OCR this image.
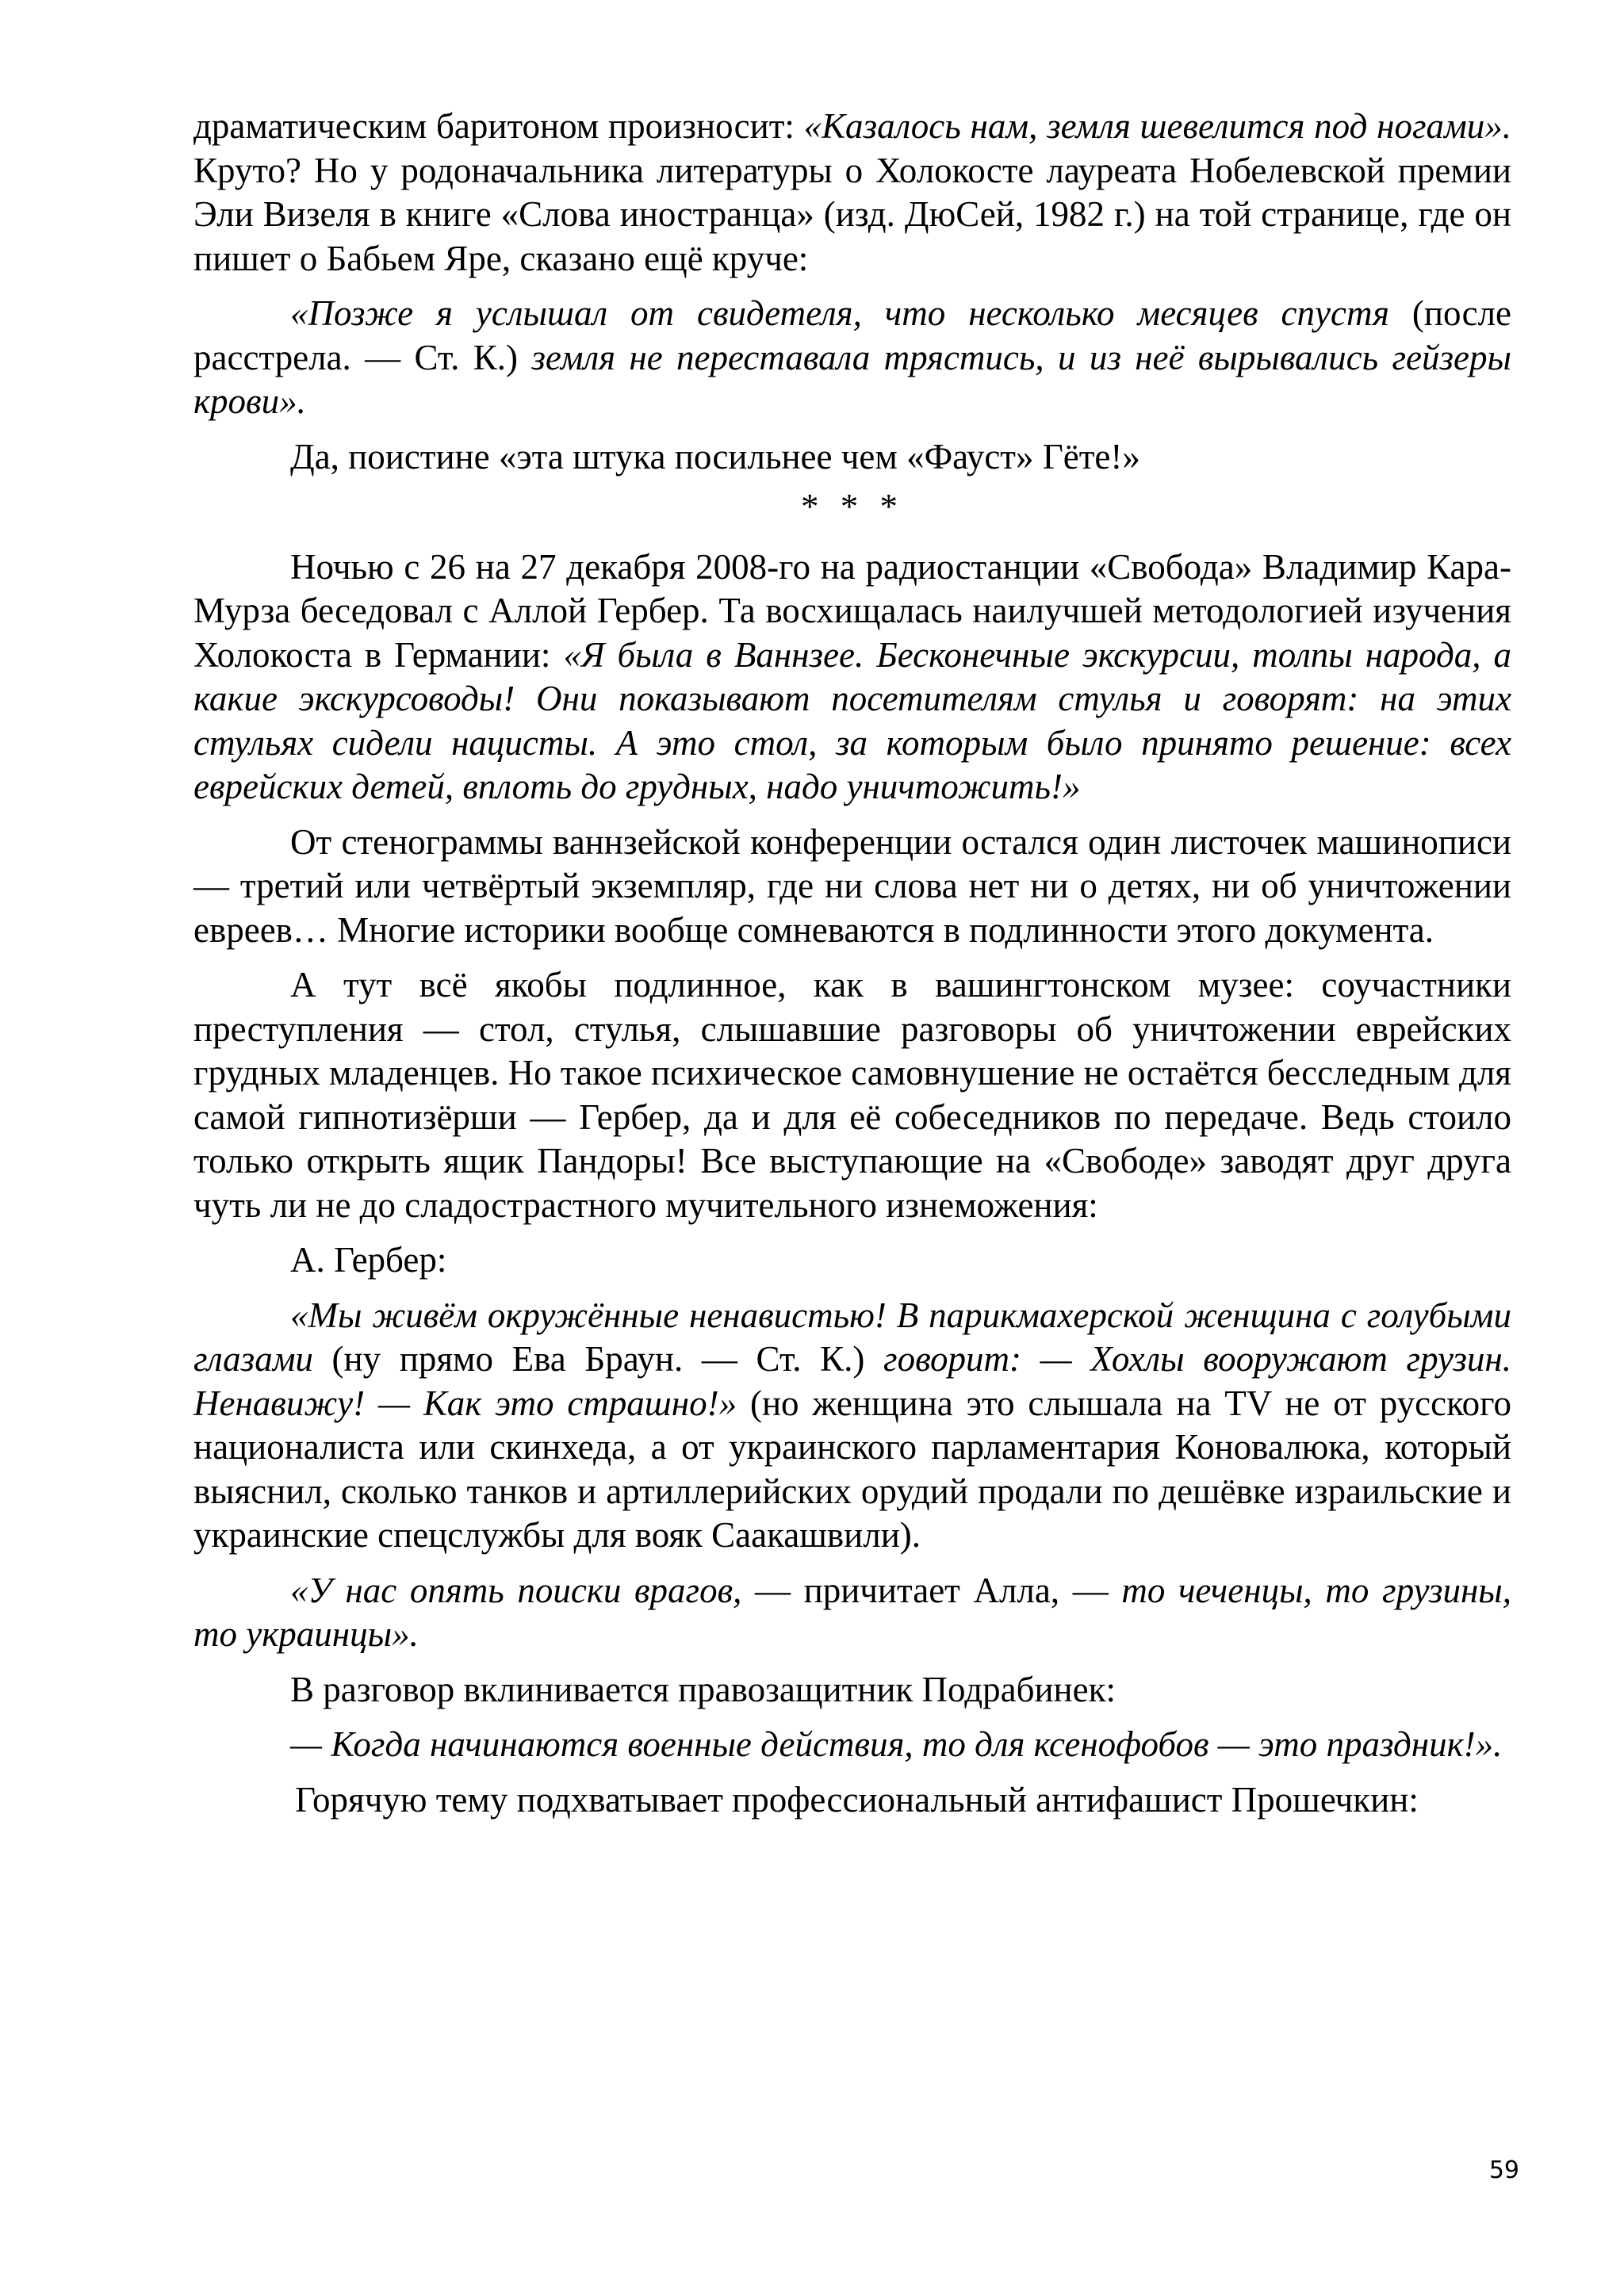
драматическим баритоном произносит: «Казалось нам, земля шевелится под ногами». Круто? Но у родоначальника литературы о Холокосте лауреата Нобелевской премии Эли Визеля в книге «Слова иностранца» (изд. ДюСей, 1982 г.) на той странице, где он пишет о Бабьем Яре, сказано ещё круче:

«Позже я услышал от свидетеля, что несколько месяцев спустя (после расстрела. — Ст. К.) земля не переставала трястись, и из неё вырывались гейзеры крови».

Да, поистине «эта штука посильнее чем «Фауст» Гёте!»

* * *

Ночью с 26 на 27 декабря 2008-го на радиостанции «Свобода» Владимир Кара-Мурза беседовал с Аллой Гербер. Та восхищалась наилучшей методологией изучения Холокоста в Германии: «Я была в Ваннзее. Бесконечные экскурсии, толпы народа, а какие экскурсоводы! Они показывают посетителям стулья и говорят: на этих стульях сидели нацисты. А это стол, за которым было принято решение: всех еврейских детей, вплоть до грудных, надо уничтожить!»

От стенограммы ваннзейской конференции остался один листочек машинописи — третий или четвёртый экземпляр, где ни слова нет ни о детях, ни об уничтожении евреев… Многие историки вообще сомневаются в подлинности этого документа.

А тут всё якобы подлинное, как в вашингтонском музее: соучастники преступления — стол, стулья, слышавшие разговоры об уничтожении еврейских грудных младенцев. Но такое психическое самовнушение не остаётся бесследным для самой гипнотизёрши — Гербер, да и для её собеседников по передаче. Ведь стоило только открыть ящик Пандоры! Все выступающие на «Свободе» заводят друг друга чуть ли не до сладострастного мучительного изнеможения:

А. Гербер:

«Мы живём окружённые ненавистью! В парикмахерской женщина с голубыми глазами (ну прямо Ева Браун. — Ст. К.) говорит: — Хохлы вооружают грузин. Ненавижу! — Как это страшно!» (но женщина это слышала на TV не от русского националиста или скинхеда, а от украинского парламентария Коновалюка, который выяснил, сколько танков и артиллерийских орудий продали по дешёвке израильские и украинские спецслужбы для вояк Саакашвили).

«У нас опять поиски врагов, — причитает Алла, — то чеченцы, то грузины, то украинцы».

В разговор вклинивается правозащитник Подрабинек:

— Когда начинаются военные действия, то для ксенофобов — это праздник!».

Горячую тему подхватывает профессиональный антифашист Прошечкин:

59
